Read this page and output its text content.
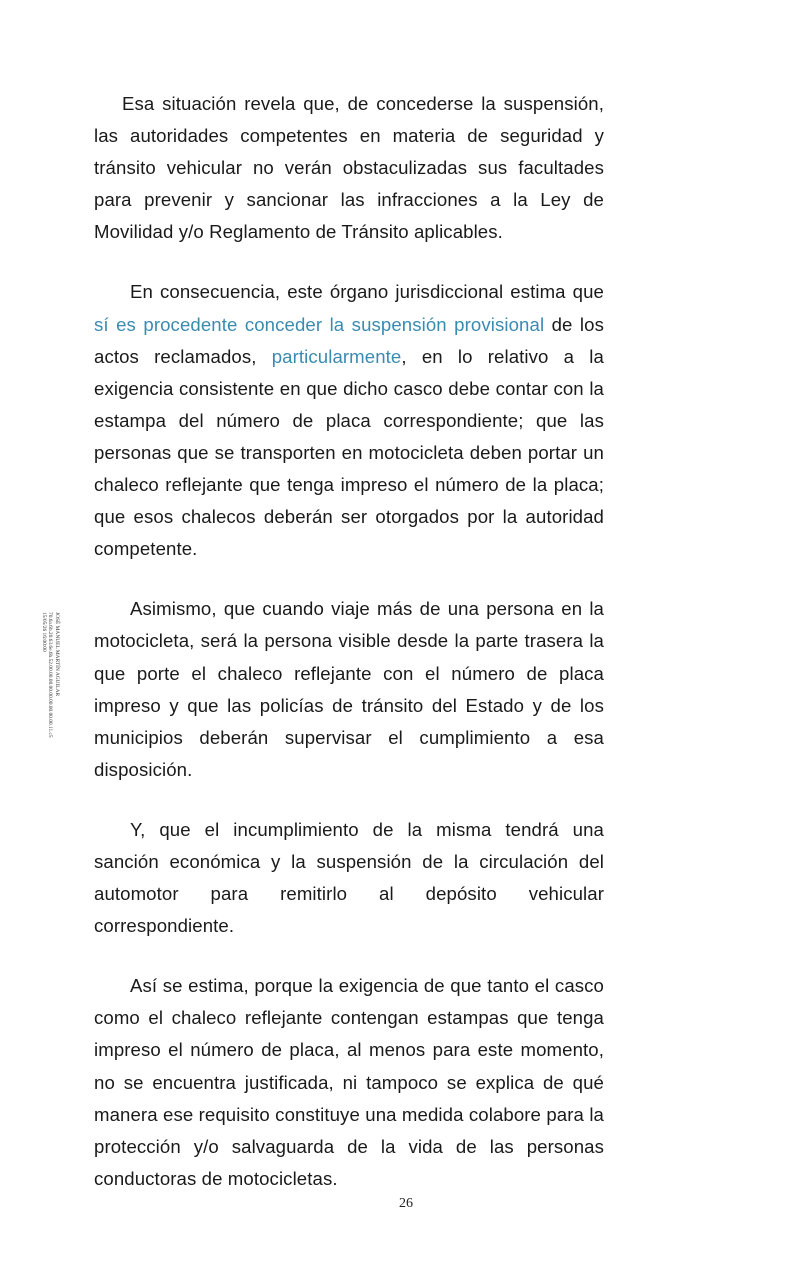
JOSÉ MANUEL MARTÍN AGUILAR
70.6a.6b.20.63.6e.6b.52.00.00.00.00.00.00.00.00.00.11.c5
15/05/26 16:00:00

Esa situación revela que, de concederse la suspensión, las autoridades competentes en materia de seguridad y tránsito vehicular no verán obstaculizadas sus facultades para prevenir y sancionar las infracciones a la Ley de Movilidad y/o Reglamento de Tránsito aplicables.

En consecuencia, este órgano jurisdiccional estima que sí es procedente conceder la suspensión provisional de los actos reclamados, particularmente, en lo relativo a la exigencia consistente en que dicho casco debe contar con la estampa del número de placa correspondiente; que las personas que se transporten en motocicleta deben portar un chaleco reflejante que tenga impreso el número de la placa; que esos chalecos deberán ser otorgados por la autoridad competente.

Asimismo, que cuando viaje más de una persona en la motocicleta, será la persona visible desde la parte trasera la que porte el chaleco reflejante con el número de placa impreso y que las policías de tránsito del Estado y de los municipios deberán supervisar el cumplimiento a esa disposición.

Y, que el incumplimiento de la misma tendrá una sanción económica y la suspensión de la circulación del automotor para remitirlo al depósito vehicular correspondiente.

Así se estima, porque la exigencia de que tanto el casco como el chaleco reflejante contengan estampas que tenga impreso el número de placa, al menos para este momento, no se encuentra justificada, ni tampoco se explica de qué manera ese requisito constituye una medida colabore para la protección y/o salvaguarda de la vida de las personas conductoras de motocicletas.

26
